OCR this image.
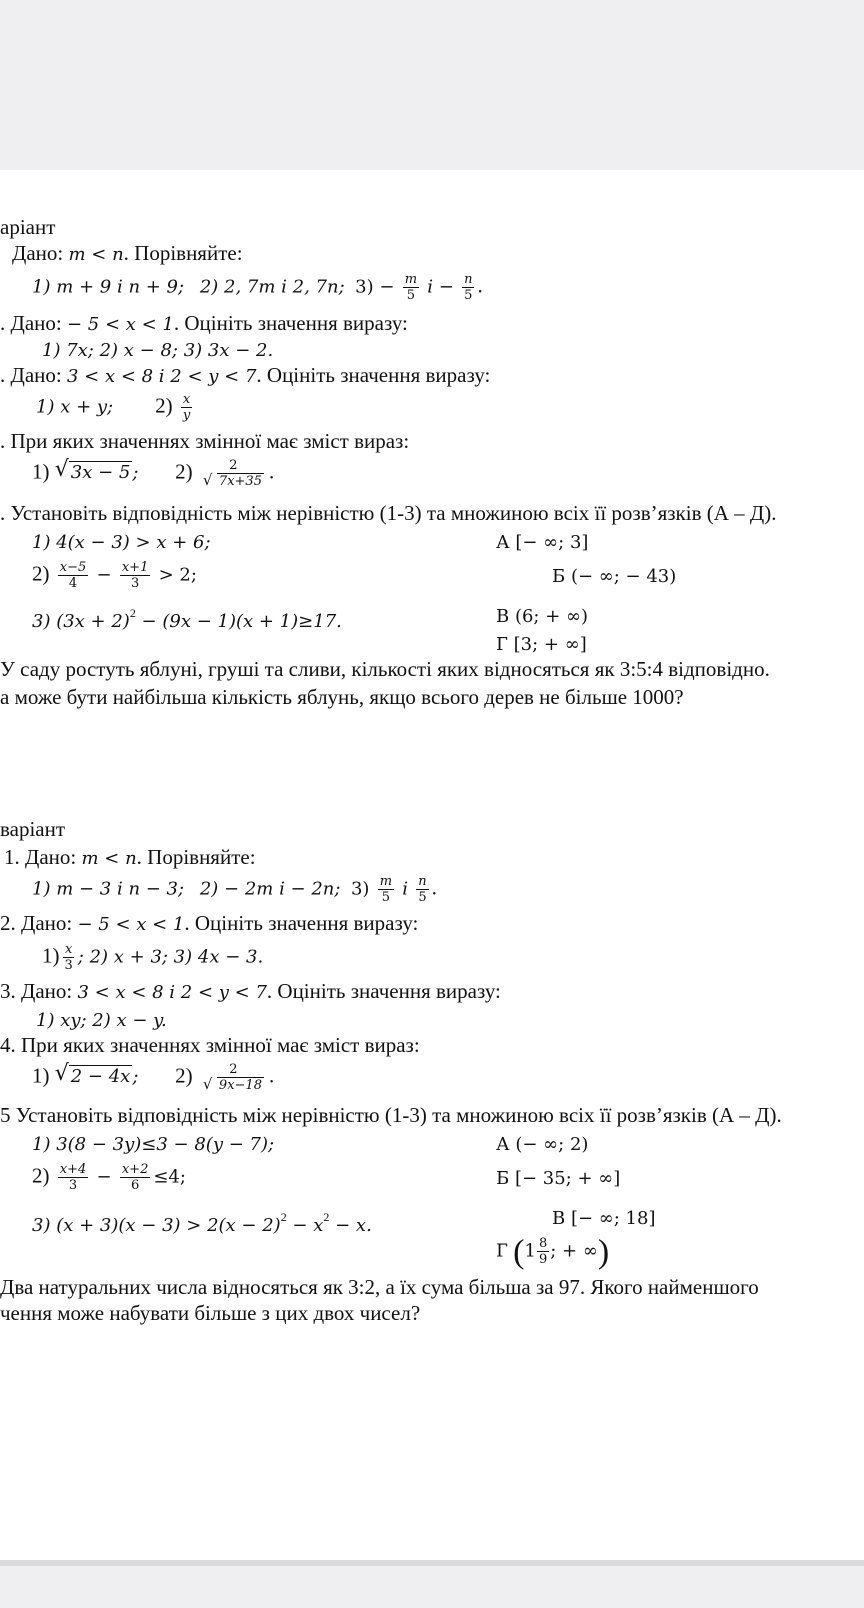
аріант
Дано: m < n. Порівняйте:
1) m + 9 і n + 9; 2) 2, 7m і 2, 7n; $3) - \frac{m}{5}$ $і - \frac{n}{5}$ .
. Дано: − 5 < x < 1. Оцініть значення виразу:
1) 7x; 2) x − 8; 3) 3x − 2.
. Дано: 3 < x < 8 і 2 < y < 7. Оцініть значення виразу:
1) x + y; $2) \frac{x}{y}$
. При яких значеннях змінної має зміст вираз:
1) √ 3x − 5 ; $2) \frac{2}{√ 7x+35}$ .
. Установіть відповідність між нерівністю (1-3) та множиною всіх її розв’язків (А – Д).
1) 4(x − 3) > x + 6;	А [− ∞; 3]
$2) \frac{x-5}{4} - \frac{x+1}{3} > 2$;	Б (− ∞; − 43)
3) $(3x + 2)^2 - (9x - 1)(x + 1)\ge 17$.	В (6; + ∞)
Г [3; + ∞]
У саду ростуть яблуні, груші та сливи, кількості яких відносяться як 3:5:4 відповідно.
а може бути найбільша кількість яблунь, якщо всього дерев не більше 1000?
варіант
1. Дано: m < n. Порівняйте:
1) m − 3 і n − 3; 2) − 2m і − 2n; $3) \frac{m}{5}$ і $\frac{n}{5}$ .
2. Дано: − 5 < x < 1. Оцініть значення виразу:
$1) \frac{x}{3}$ ; 2) x + 3; 3) 4x − 3.
3. Дано: 3 < x < 8 і 2 < y < 7. Оцініть значення виразу:
1) xy; 2) x − y.
4. При яких значеннях змінної має зміст вираз:
1) √ 2 − 4x ; $2) \frac{2}{√ 9x-18}$ .
5 Установіть відповідність між нерівністю (1-3) та множиною всіх її розв’язків (А – Д).
1) 3(8 − 3y)≤3 − 8(y − 7);	А (− ∞; 2)
$2) \frac{x+4}{3} - \frac{x+2}{6} \le 4$;	Б [− 35; + ∞]
3) $(x + 3)(x - 3) > 2(x - 2)^2 - x^2 - x$.	В [− ∞; 18]
Г ($1 \frac{8}{9}$ ; + ∞)
Два натуральних числа відносяться як 3:2, а їх сума більша за 97. Якого найменшого
чення може набувати більше з цих двох чисел?
